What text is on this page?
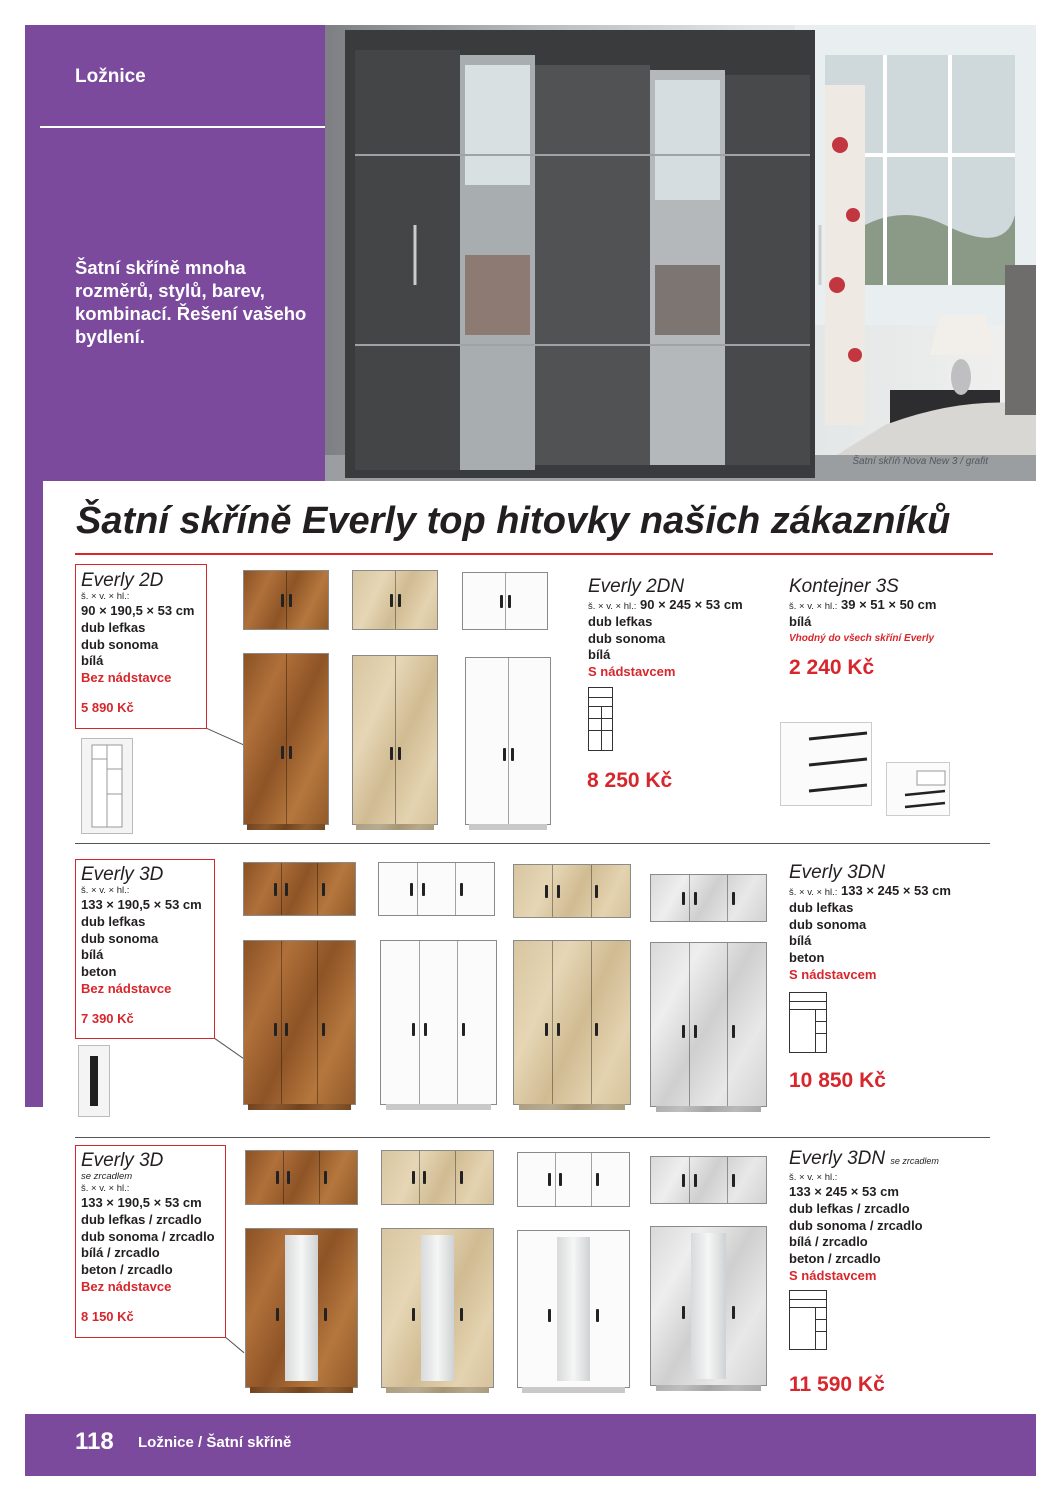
Ložnice
Šatní skříně mnoha rozměrů, stylů, barev, kombinací. Řešení vašeho bydlení.
Šatní skříň Nova New 3 / grafit
Šatní skříně Everly top hitovky našich zákazníků
Everly 2D
š. × v. × hl.:
90 × 190,5 × 53 cm
dub lefkas
dub sonoma
bílá
Bez nádstavce
5 890 Kč
Everly 2DN
š. × v. × hl.: 90 × 245 × 53 cm
dub lefkas
dub sonoma
bílá
S nádstavcem
8 250 Kč
Kontejner 3S
š. × v. × hl.: 39 × 51 × 50 cm
bílá
Vhodný do všech skříní Everly
2 240 Kč
Everly 3D
š. × v. × hl.:
133 × 190,5 × 53 cm
dub lefkas
dub sonoma
bílá
beton
Bez nádstavce
7 390 Kč
Everly 3DN
š. × v. × hl.: 133 × 245 × 53 cm
dub lefkas
dub sonoma
bílá
beton
S nádstavcem
10 850 Kč
Everly 3D
se zrcadlem
š. × v. × hl.:
133 × 190,5 × 53 cm
dub lefkas / zrcadlo
dub sonoma / zrcadlo
bílá / zrcadlo
beton / zrcadlo
Bez nádstavce
8 150 Kč
Everly 3DN se zrcadlem
š. × v. × hl.:
133 × 245 × 53 cm
dub lefkas / zrcadlo
dub sonoma / zrcadlo
bílá / zrcadlo
beton / zrcadlo
S nádstavcem
11 590 Kč
118 Ložnice / Šatní skříně
